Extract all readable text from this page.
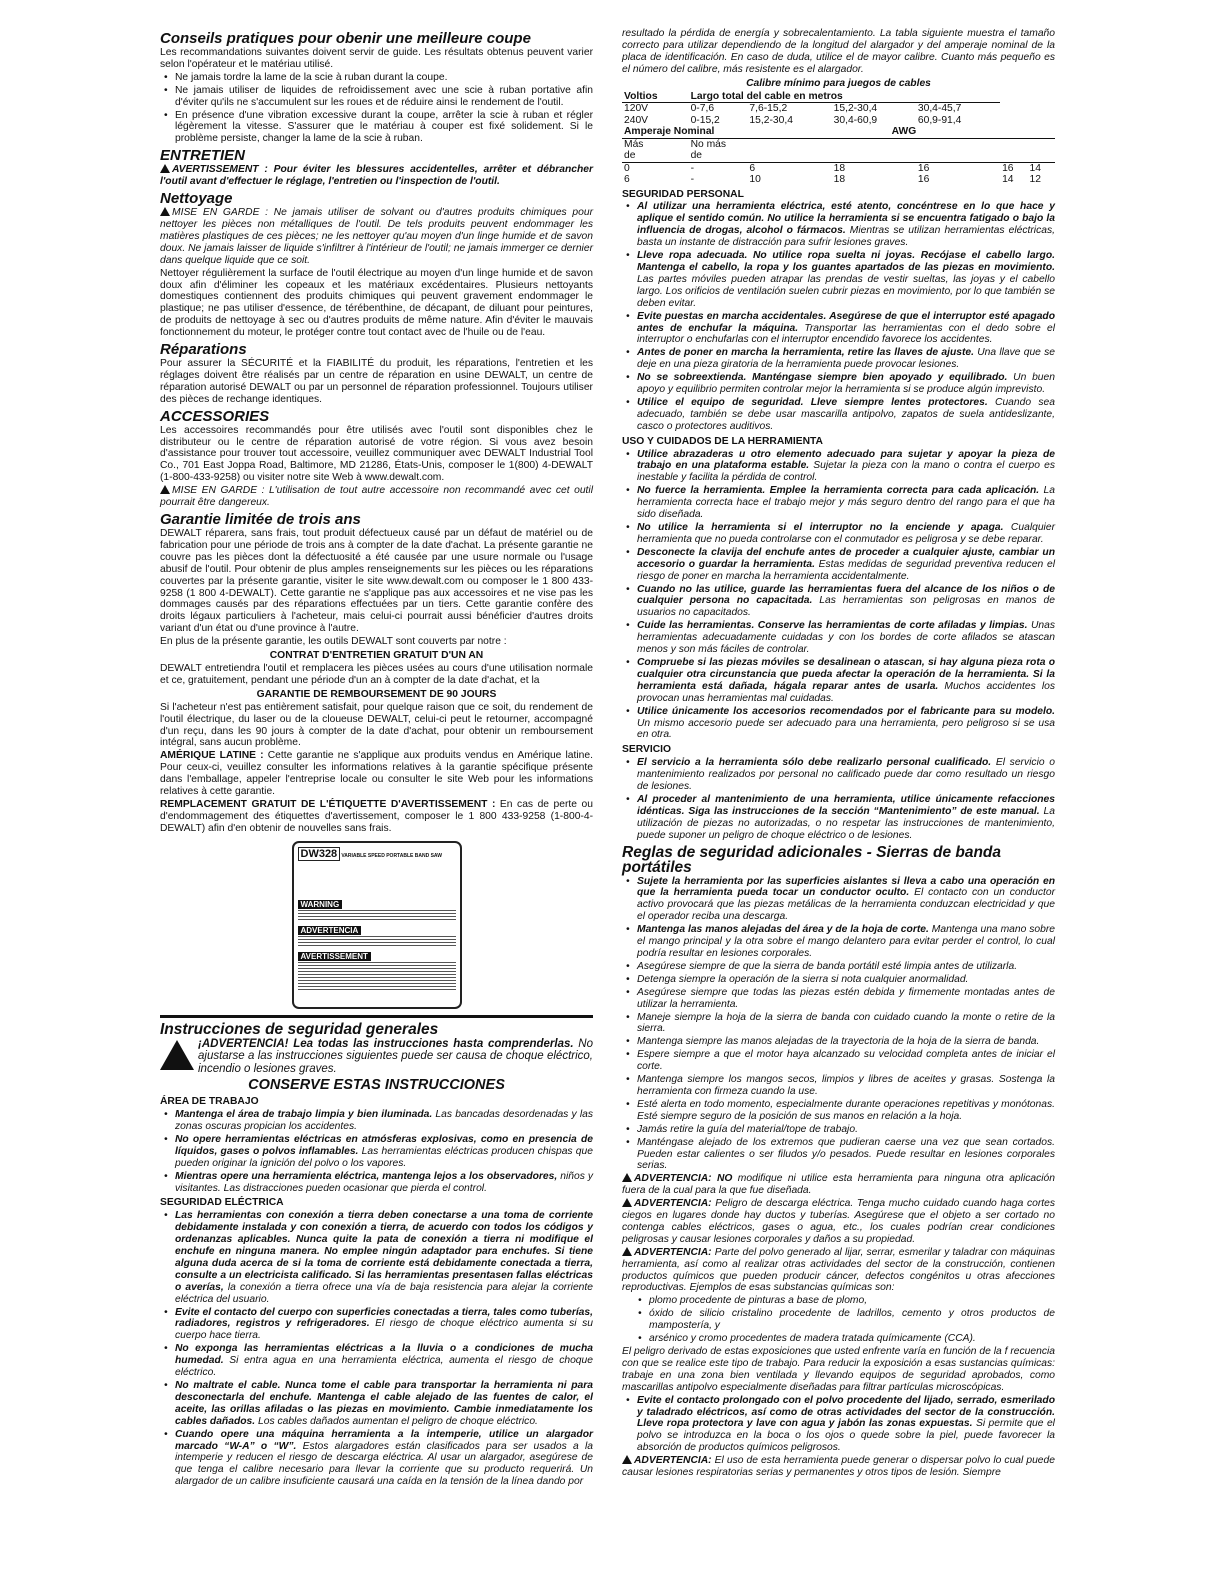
Conseils pratiques pour obenir une meilleure coupe

Les recommandations suivantes doivent servir de guide. Les résultats obtenus peuvent varier selon l'opérateur et le matériau utilisé.

• Ne jamais tordre la lame de la scie à ruban durant la coupe.
• Ne jamais utiliser de liquides de refroidissement avec une scie à ruban portative afin d'éviter qu'ils ne s'accumulent sur les roues et de réduire ainsi le rendement de l'outil.
• En présence d'une vibration excessive durant la coupe, arrêter la scie à ruban et régler légèrement la vitesse. S'assurer que le matériau à couper est fixé solidement. Si le problème persiste, changer la lame de la scie à ruban.
ENTRETIEN

AVERTISSEMENT : Pour éviter les blessures accidentelles, arrêter et débrancher l'outil avant d'effectuer le réglage, l'entretien ou l'inspection de l'outil.

Nettoyage

MISE EN GARDE : Ne jamais utiliser de solvant ou d'autres produits chimiques pour nettoyer les pièces non métalliques de l'outil. De tels produits peuvent endommager les matières plastiques de ces pièces; ne les nettoyer qu'au moyen d'un linge humide et de savon doux. Ne jamais laisser de liquide s'infiltrer à l'intérieur de l'outil; ne jamais immerger ce dernier dans quelque liquide que ce soit.

Nettoyer régulièrement la surface de l'outil électrique au moyen d'un linge humide et de savon doux afin d'éliminer les copeaux et les matériaux excédentaires. Plusieurs nettoyants domestiques contiennent des produits chimiques qui peuvent gravement endommager le plastique; ne pas utiliser d'essence, de térébenthine, de décapant, de diluant pour peintures, de produits de nettoyage à sec ou d'autres produits de même nature. Afin d'éviter le mauvais fonctionnement du moteur, le protéger contre tout contact avec de l'huile ou de l'eau.

Réparations

Pour assurer la SÉCURITÉ et la FIABILITÉ du produit, les réparations, l'entretien et les réglages doivent être réalisés par un centre de réparation en usine DEWALT, un centre de réparation autorisé DEWALT ou par un personnel de réparation professionnel. Toujours utiliser des pièces de rechange identiques.

ACCESSORIES

Les accessoires recommandés pour être utilisés avec l'outil sont disponibles chez le distributeur ou le centre de réparation autorisé de votre région. Si vous avez besoin d'assistance pour trouver tout accessoire, veuillez communiquer avec DEWALT Industrial Tool Co., 701 East Joppa Road, Baltimore, MD 21286, États-Unis, composer le 1(800) 4-DEWALT (1-800-433-9258) ou visiter notre site Web à www.dewalt.com.

MISE EN GARDE : L'utilisation de tout autre accessoire non recommandé avec cet outil pourrait être dangereux.

Garantie limitée de trois ans

DEWALT réparera, sans frais, tout produit défectueux causé par un défaut de matériel ou de fabrication pour une période de trois ans à compter de la date d'achat. La présente garantie ne couvre pas les pièces dont la défectuosité a été causée par une usure normale ou l'usage abusif de l'outil. Pour obtenir de plus amples renseignements sur les pièces ou les réparations couvertes par la présente garantie, visiter le site www.dewalt.com ou composer le 1 800 433-9258 (1 800 4-DEWALT). Cette garantie ne s'applique pas aux accessoires et ne vise pas les dommages causés par des réparations effectuées par un tiers. Cette garantie confère des droits légaux particuliers à l'acheteur, mais celui-ci pourrait aussi bénéficier d'autres droits variant d'un état ou d'une province à l'autre.

En plus de la présente garantie, les outils DEWALT sont couverts par notre :

CONTRAT D'ENTRETIEN GRATUIT D'UN AN

DEWALT entretiendra l'outil et remplacera les pièces usées au cours d'une utilisation normale et ce, gratuitement, pendant une période d'un an à compter de la date d'achat, et la

GARANTIE DE REMBOURSEMENT DE 90 JOURS

Si l'acheteur n'est pas entièrement satisfait, pour quelque raison que ce soit, du rendement de l'outil électrique, du laser ou de la cloueuse DEWALT, celui-ci peut le retourner, accompagné d'un reçu, dans les 90 jours à compter de la date d'achat, pour obtenir un remboursement intégral, sans aucun problème.

AMÉRIQUE LATINE : Cette garantie ne s'applique aux produits vendus en Amérique latine. Pour ceux-ci, veuillez consulter les informations relatives à la garantie spécifique présente dans l'emballage, appeler l'entreprise locale ou consulter le site Web pour les informations relatives à cette garantie.

REMPLACEMENT GRATUIT DE L'ÉTIQUETTE D'AVERTISSEMENT : En cas de perte ou d'endommagement des étiquettes d'avertissement, composer le 1 800 433-9258 (1-800-4-DEWALT) afin d'en obtenir de nouvelles sans frais.

DW328 VARIABLE SPEED PORTABLE BAND SAW
WARNING
ADVERTENCIA
AVERTISSEMENT
Instrucciones de seguridad generales

¡ADVERTENCIA! Lea todas las instrucciones hasta comprenderlas. No ajustarse a las instrucciones siguientes puede ser causa de choque eléctrico, incendio o lesiones graves.

CONSERVE ESTAS INSTRUCCIONES
ÁREA DE TRABAJO
• Mantenga el área de trabajo limpia y bien iluminada. Las bancadas desordenadas y las zonas oscuras propician los accidentes.
• No opere herramientas eléctricas en atmósferas explosivas, como en presencia de líquidos, gases o polvos inflamables. Las herramientas eléctricas producen chispas que pueden originar la ignición del polvo o los vapores.
• Mientras opere una herramienta eléctrica, mantenga lejos a los observadores, niños y visitantes. Las distracciones pueden ocasionar que pierda el control.
SEGURIDAD ELÉCTRICA
• Las herramientas con conexión a tierra deben conectarse a una toma de corriente debidamente instalada y con conexión a tierra, de acuerdo con todos los códigos y ordenanzas aplicables. Nunca quite la pata de conexión a tierra ni modifique el enchufe en ninguna manera. No emplee ningún adaptador para enchufes. Si tiene alguna duda acerca de si la toma de corriente está debidamente conectada a tierra, consulte a un electricista calificado. Si las herramientas presentasen fallas eléctricas o averías, la conexión a tierra ofrece una vía de baja resistencia para alejar la corriente eléctrica del usuario.
• Evite el contacto del cuerpo con superficies conectadas a tierra, tales como tuberías, radiadores, registros y refrigeradores. El riesgo de choque eléctrico aumenta si su cuerpo hace tierra.
• No exponga las herramientas eléctricas a la lluvia o a condiciones de mucha humedad. Si entra agua en una herramienta eléctrica, aumenta el riesgo de choque eléctrico.
• No maltrate el cable. Nunca tome el cable para transportar la herramienta ni para desconectarla del enchufe. Mantenga el cable alejado de las fuentes de calor, el aceite, las orillas afiladas o las piezas en movimiento. Cambie inmediatamente los cables dañados. Los cables dañados aumentan el peligro de choque eléctrico.
• Cuando opere una máquina herramienta a la intemperie, utilice un alargador marcado “W-A” o “W”. Estos alargadores están clasificados para ser usados a la intemperie y reducen el riesgo de descarga eléctrica. Al usar un alargador, asegúrese de que tenga el calibre necesario para llevar la corriente que su producto requerirá. Un alargador de un calibre insuficiente causará una caída en la tensión de la línea dando por

resultado la pérdida de energía y sobrecalentamiento. La tabla siguiente muestra el tamaño correcto para utilizar dependiendo de la longitud del alargador y del amperaje nominal de la placa de identificación. En caso de duda, utilice el de mayor calibre. Cuanto más pequeño es el número del calibre, más resistente es el alargador.

Calibre mínimo para juegos de cables
Voltios	Largo total del cable en metros					
120V	0-7,6	7,6-15,2	15,2-30,4	30,4-45,7		
240V	0-15,2	15,2-30,4	30,4-60,9	60,9-91,4		
Amperaje Nominal			AWG			
Más	No más					
de	de					
0	-	6	18	16	16	14
6	-	10	18	16	14	12
SEGURIDAD PERSONAL
• Al utilizar una herramienta eléctrica, esté atento, concéntrese en lo que hace y aplique el sentido común. No utilice la herramienta si se encuentra fatigado o bajo la influencia de drogas, alcohol o fármacos. Mientras se utilizan herramientas eléctricas, basta un instante de distracción para sufrir lesiones graves.
• Lleve ropa adecuada. No utilice ropa suelta ni joyas. Recójase el cabello largo. Mantenga el cabello, la ropa y los guantes apartados de las piezas en movimiento. Las partes móviles pueden atrapar las prendas de vestir sueltas, las joyas y el cabello largo. Los orificios de ventilación suelen cubrir piezas en movimiento, por lo que también se deben evitar.
• Evite puestas en marcha accidentales. Asegúrese de que el interruptor esté apagado antes de enchufar la máquina. Transportar las herramientas con el dedo sobre el interruptor o enchufarlas con el interruptor encendido favorece los accidentes.
• Antes de poner en marcha la herramienta, retire las llaves de ajuste. Una llave que se deje en una pieza giratoria de la herramienta puede provocar lesiones.
• No se sobreextienda. Manténgase siempre bien apoyado y equilibrado. Un buen apoyo y equilibrio permiten controlar mejor la herramienta si se produce algún imprevisto.
• Utilice el equipo de seguridad. Lleve siempre lentes protectores. Cuando sea adecuado, también se debe usar mascarilla antipolvo, zapatos de suela antideslizante, casco o protectores auditivos.
USO Y CUIDADOS DE LA HERRAMIENTA
• Utilice abrazaderas u otro elemento adecuado para sujetar y apoyar la pieza de trabajo en una plataforma estable. Sujetar la pieza con la mano o contra el cuerpo es inestable y facilita la pérdida de control.
• No fuerce la herramienta. Emplee la herramienta correcta para cada aplicación. La herramienta correcta hace el trabajo mejor y más seguro dentro del rango para el que ha sido diseñada.
• No utilice la herramienta si el interruptor no la enciende y apaga. Cualquier herramienta que no pueda controlarse con el conmutador es peligrosa y se debe reparar.
• Desconecte la clavija del enchufe antes de proceder a cualquier ajuste, cambiar un accesorio o guardar la herramienta. Estas medidas de seguridad preventiva reducen el riesgo de poner en marcha la herramienta accidentalmente.
• Cuando no las utilice, guarde las herramientas fuera del alcance de los niños o de cualquier persona no capacitada. Las herramientas son peligrosas en manos de usuarios no capacitados.
• Cuide las herramientas. Conserve las herramientas de corte afiladas y limpias. Unas herramientas adecuadamente cuidadas y con los bordes de corte afilados se atascan menos y son más fáciles de controlar.
• Compruebe si las piezas móviles se desalinean o atascan, si hay alguna pieza rota o cualquier otra circunstancia que pueda afectar la operación de la herramienta. Si la herramienta está dañada, hágala reparar antes de usarla. Muchos accidentes los provocan unas herramientas mal cuidadas.
• Utilice únicamente los accesorios recomendados por el fabricante para su modelo. Un mismo accesorio puede ser adecuado para una herramienta, pero peligroso si se usa en otra.
SERVICIO
• El servicio a la herramienta sólo debe realizarlo personal cualificado. El servicio o mantenimiento realizados por personal no calificado puede dar como resultado un riesgo de lesiones.
• Al proceder al mantenimiento de una herramienta, utilice únicamente refacciones idénticas. Siga las instrucciones de la sección “Mantenimiento” de este manual. La utilización de piezas no autorizadas, o no respetar las instrucciones de mantenimiento, puede suponer un peligro de choque eléctrico o de lesiones.
Reglas de seguridad adicionales - Sierras de banda portátiles
• Sujete la herramienta por las superficies aislantes si lleva a cabo una operación en que la herramienta pueda tocar un conductor oculto. El contacto con un conductor activo provocará que las piezas metálicas de la herramienta conduzcan electricidad y que el operador reciba una descarga.
• Mantenga las manos alejadas del área y de la hoja de corte. Mantenga una mano sobre el mango principal y la otra sobre el mango delantero para evitar perder el control, lo cual podría resultar en lesiones corporales.
• Asegúrese siempre de que la sierra de banda portátil esté limpia antes de utilizarla.
• Detenga siempre la operación de la sierra si nota cualquier anormalidad.
• Asegúrese siempre que todas las piezas estén debida y firmemente montadas antes de utilizar la herramienta.
• Maneje siempre la hoja de la sierra de banda con cuidado cuando la monte o retire de la sierra.
• Mantenga siempre las manos alejadas de la trayectoria de la hoja de la sierra de banda.
• Espere siempre a que el motor haya alcanzado su velocidad completa antes de iniciar el corte.
• Mantenga siempre los mangos secos, limpios y libres de aceites y grasas. Sostenga la herramienta con firmeza cuando la use.
• Esté alerta en todo momento, especialmente durante operaciones repetitivas y monótonas. Esté siempre seguro de la posición de sus manos en relación a la hoja.
• Jamás retire la guía del material/tope de trabajo.
• Manténgase alejado de los extremos que pudieran caerse una vez que sean cortados. Pueden estar calientes o ser filudos y/o pesados. Puede resultar en lesiones corporales serias.

ADVERTENCIA: NO modifique ni utilice esta herramienta para ninguna otra aplicación fuera de la cual para la que fue diseñada.

ADVERTENCIA: Peligro de descarga eléctrica. Tenga mucho cuidado cuando haga cortes ciegos en lugares donde hay ductos y tuberías. Asegúrese que el objeto a ser cortado no contenga cables eléctricos, gases o agua, etc., los cuales podrían crear condiciones peligrosas y causar lesiones corporales y daños a su propiedad.

ADVERTENCIA: Parte del polvo generado al lijar, serrar, esmerilar y taladrar con máquinas herramienta, así como al realizar otras actividades del sector de la construcción, contienen productos químicos que pueden producir cáncer, defectos congénitos u otras afecciones reproductivas. Ejemplos de esas substancias químicas son:

• plomo procedente de pinturas a base de plomo,
• óxido de silicio cristalino procedente de ladrillos, cemento y otros productos de mampostería, y
• arsénico y cromo procedentes de madera tratada químicamente (CCA).

El peligro derivado de estas exposiciones que usted enfrente varía en función de la f recuencia con que se realice este tipo de trabajo. Para reducir la exposición a esas sustancias químicas: trabaje en una zona bien ventilada y llevando equipos de seguridad aprobados, como mascarillas antipolvo especialmente diseñadas para filtrar partículas microscópicas.

• Evite el contacto prolongado con el polvo procedente del lijado, serrado, esmerilado y taladrado eléctricos, así como de otras actividades del sector de la construcción. Lleve ropa protectora y lave con agua y jabón las zonas expuestas. Si permite que el polvo se introduzca en la boca o los ojos o quede sobre la piel, puede favorecer la absorción de productos químicos peligrosos.

ADVERTENCIA: El uso de esta herramienta puede generar o dispersar polvo lo cual puede causar lesiones respiratorias serias y permanentes y otros tipos de lesión. Siempre
